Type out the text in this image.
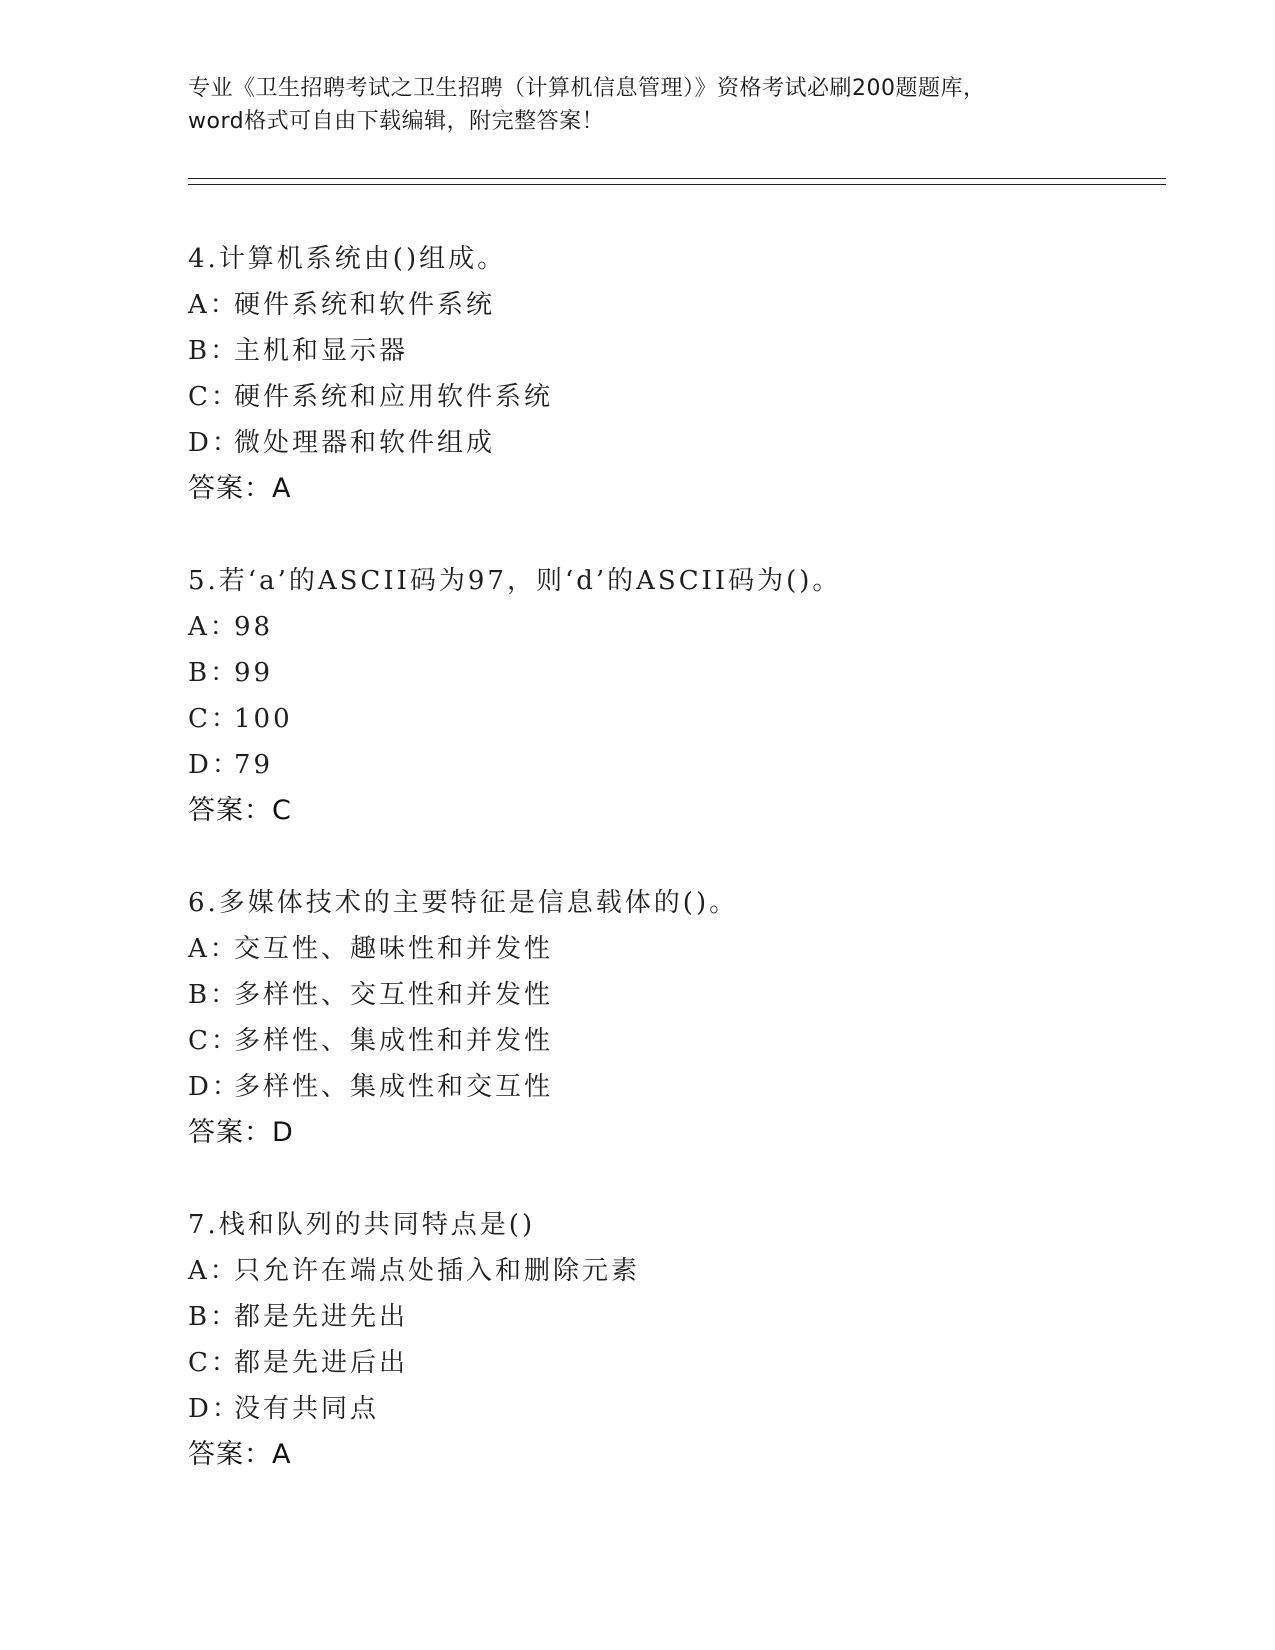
专业《卫生招聘考试之卫生招聘（计算机信息管理）》资格考试必刷200题题库，
word格式可自由下载编辑，附完整答案！
4.计算机系统由()组成。
A：硬件系统和软件系统
B：主机和显示器
C：硬件系统和应用软件系统
D：微处理器和软件组成
答案：A
5.若‘a’的ASCII码为97，则‘d’的ASCII码为()。
A：98
B：99
C：100
D：79
答案：C
6.多媒体技术的主要特征是信息载体的()。
A：交互性、趣味性和并发性
B：多样性、交互性和并发性
C：多样性、集成性和并发性
D：多样性、集成性和交互性
答案：D
7.栈和队列的共同特点是()
A：只允许在端点处插入和删除元素
B：都是先进先出
C：都是先进后出
D：没有共同点
答案：A
